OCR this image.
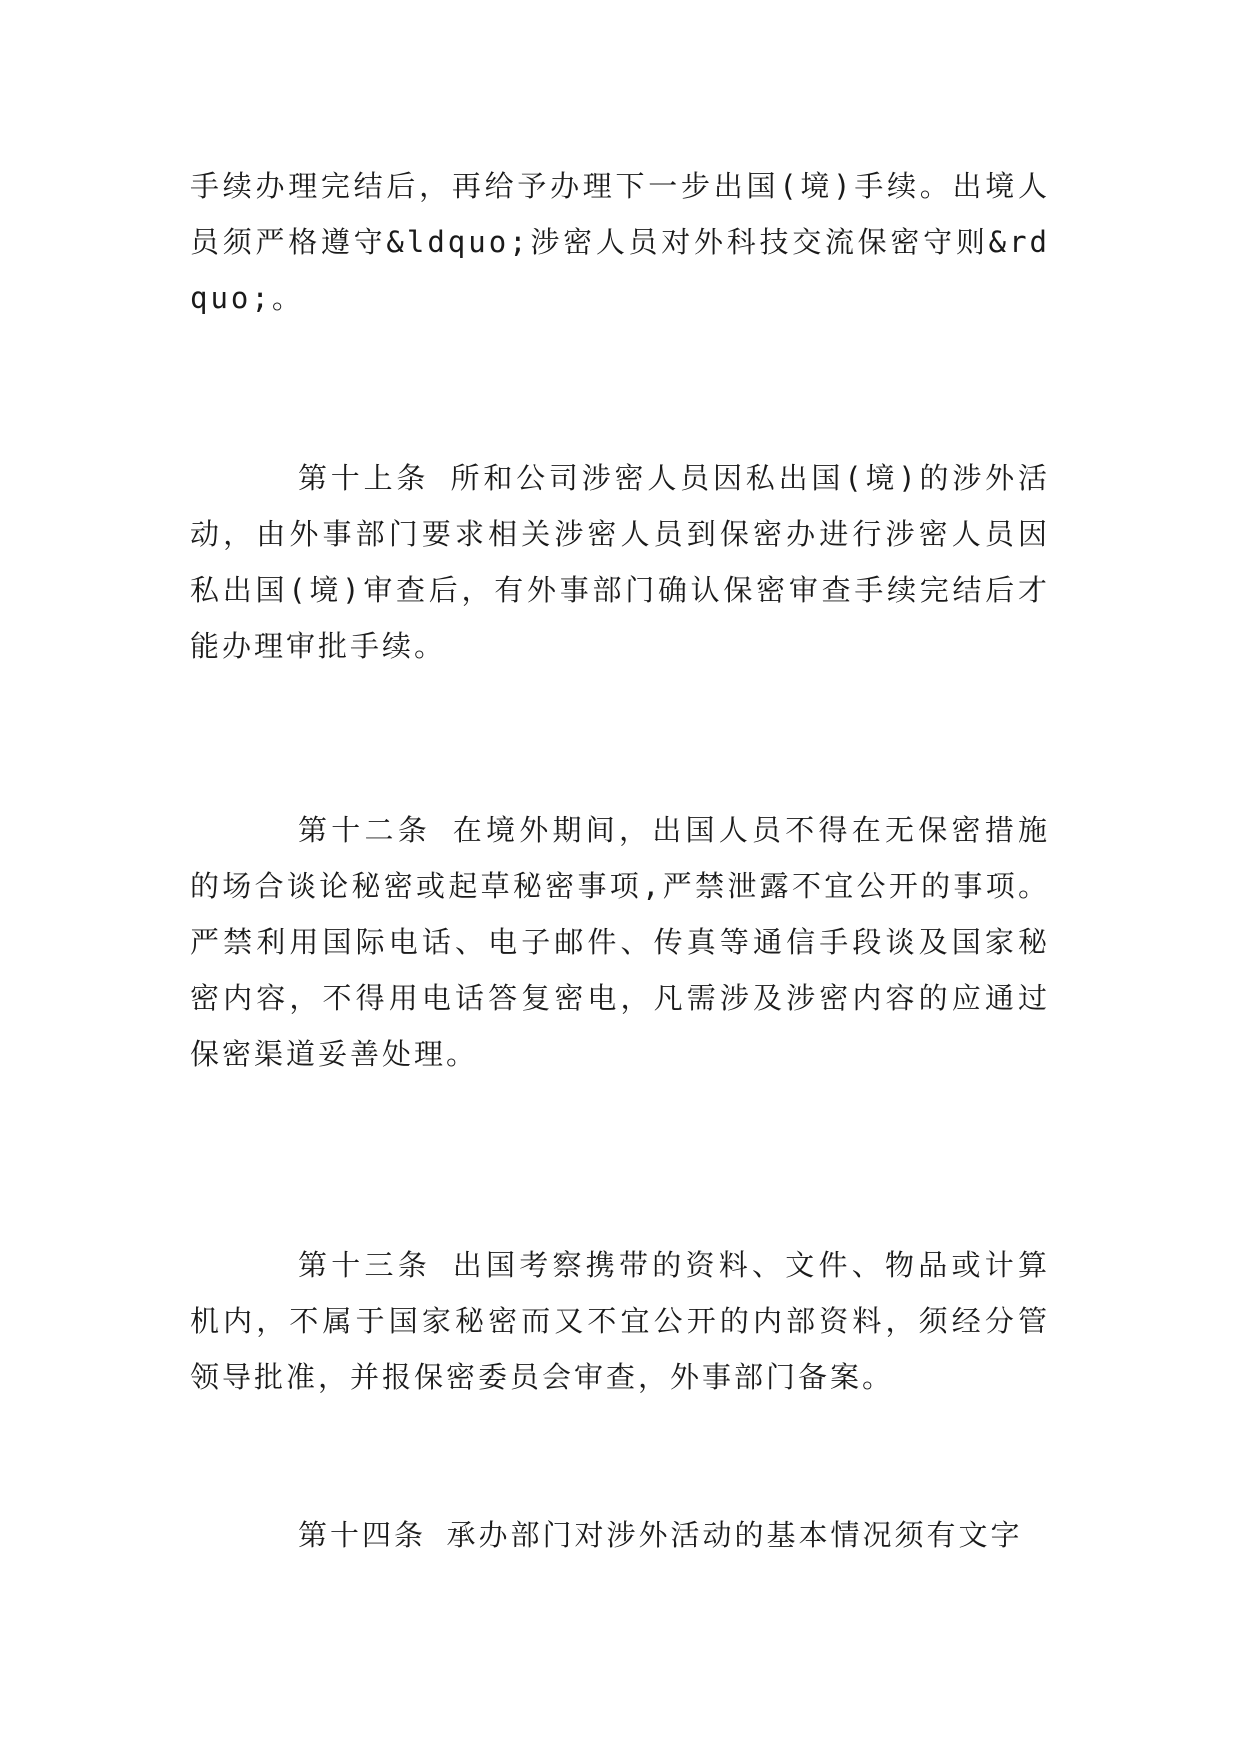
手续办理完结后，再给予办理下一步出国(境)手续。出境人员须严格遵守&ldquo;涉密人员对外科技交流保密守则&rdquo;。

第十上条 所和公司涉密人员因私出国(境)的涉外活动，由外事部门要求相关涉密人员到保密办进行涉密人员因私出国(境)审查后，有外事部门确认保密审查手续完结后才能办理审批手续。

第十二条 在境外期间，出国人员不得在无保密措施的场合谈论秘密或起草秘密事项,严禁泄露不宜公开的事项。严禁利用国际电话、电子邮件、传真等通信手段谈及国家秘密内容，不得用电话答复密电，凡需涉及涉密内容的应通过保密渠道妥善处理。

第十三条 出国考察携带的资料、文件、物品或计算机内，不属于国家秘密而又不宜公开的内部资料，须经分管领导批准，并报保密委员会审查，外事部门备案。

第十四条 承办部门对涉外活动的基本情况须有文字
